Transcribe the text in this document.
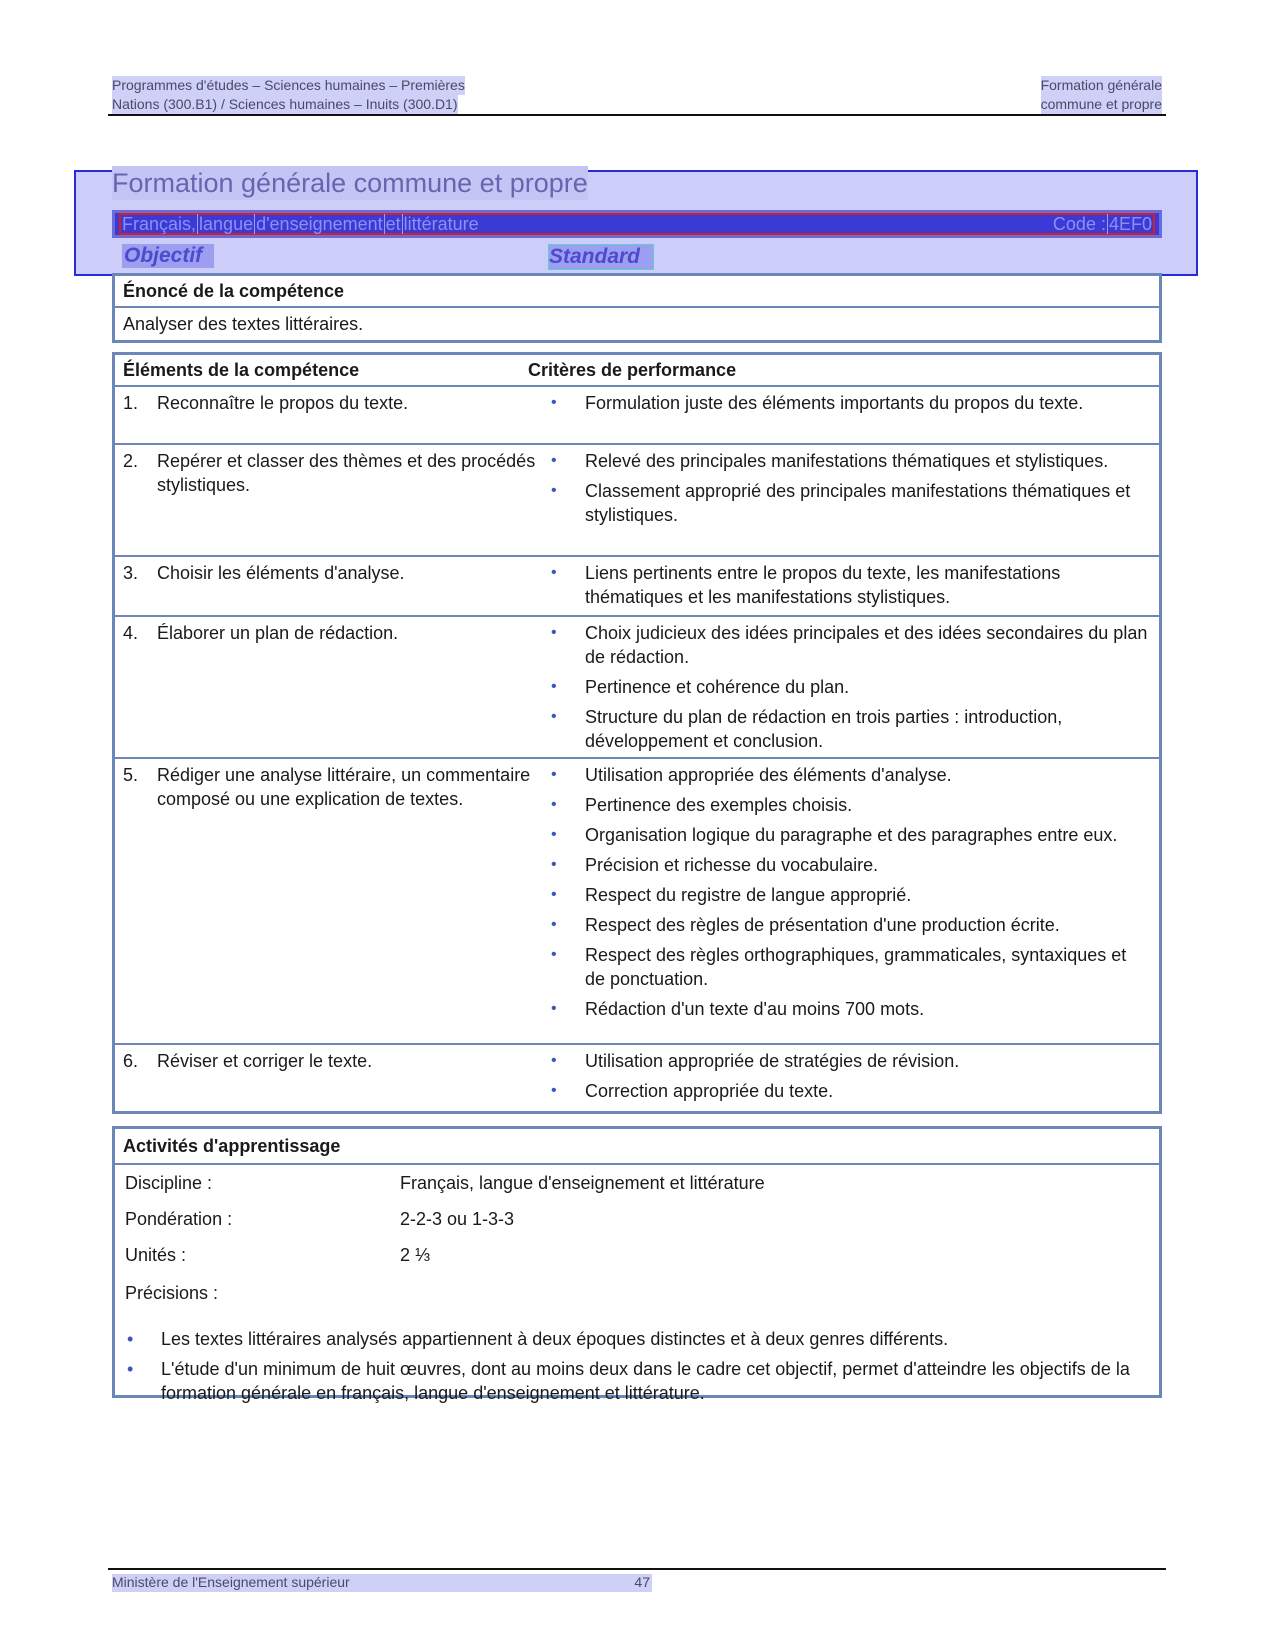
Programmes d'études – Sciences humaines – Premières	Formation générale
Nations (300.B1) / Sciences humaines – Inuits (300.D1)	commune et propre
Formation générale commune et propre
Français, langue d'enseignement et littérature	Code : 4EF0
Objectif	Standard
Énoncé de la compétence
Analyser des textes littéraires.
Éléments de la compétence	Critères de performance
1. Reconnaître le propos du texte.	• Formulation juste des éléments importants du propos du texte.
2. Repérer et classer des thèmes et des procédés stylistiques.
• Relevé des principales manifestations thématiques et stylistiques.
• Classement approprié des principales manifestations thématiques et stylistiques.
3. Choisir les éléments d'analyse.	• Liens pertinents entre le propos du texte, les manifestations thématiques et les manifestations stylistiques.
4. Élaborer un plan de rédaction.	• Choix judicieux des idées principales et des idées secondaires du plan de rédaction.
• Pertinence et cohérence du plan.
• Structure du plan de rédaction en trois parties : introduction, développement et conclusion.
5. Rédiger une analyse littéraire, un commentaire composé ou une explication de textes.
• Utilisation appropriée des éléments d'analyse.
• Pertinence des exemples choisis.
• Organisation logique du paragraphe et des paragraphes entre eux.
• Précision et richesse du vocabulaire.
• Respect du registre de langue approprié.
• Respect des règles de présentation d'une production écrite.
• Respect des règles orthographiques, grammaticales, syntaxiques et de ponctuation.
• Rédaction d'un texte d'au moins 700 mots.
6. Réviser et corriger le texte.	• Utilisation appropriée de stratégies de révision.
• Correction appropriée du texte.
Activités d'apprentissage
Discipline :	Français, langue d'enseignement et littérature
Pondération :	2-2-3 ou 1-3-3
Unités :	2 ⅓
Précisions :
• Les textes littéraires analysés appartiennent à deux époques distinctes et à deux genres différents.
• L'étude d'un minimum de huit œuvres, dont au moins deux dans le cadre cet objectif, permet d'atteindre les objectifs de la formation générale en français, langue d'enseignement et littérature.
Ministère de l'Enseignement supérieur	47
